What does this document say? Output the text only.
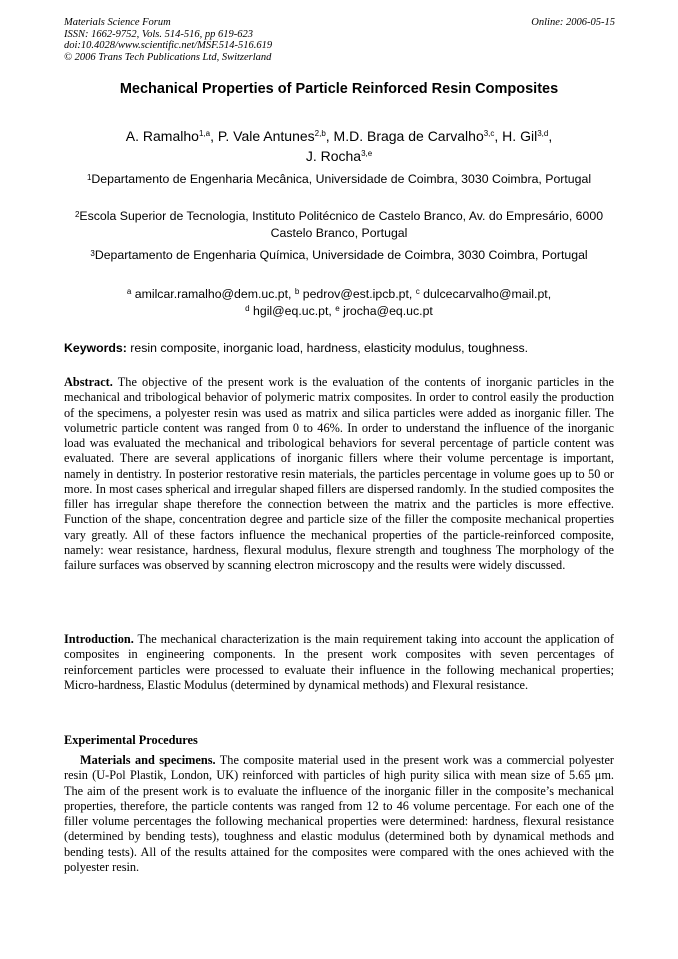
Materials Science Forum
ISSN: 1662-9752, Vols. 514-516, pp 619-623
doi:10.4028/www.scientific.net/MSF.514-516.619
© 2006 Trans Tech Publications Ltd, Switzerland
Online: 2006-05-15
Mechanical Properties of Particle Reinforced Resin Composites
A. Ramalho$^{1,a}$, P. Vale Antunes$^{2,b}$, M.D. Braga de Carvalho$^{3,c}$, H. Gil$^{3,d}$,
J. Rocha$^{3,e}$
$^1$Departamento de Engenharia Mecânica, Universidade de Coimbra, 3030 Coimbra, Portugal
$^2$Escola Superior de Tecnologia, Instituto Politécnico de Castelo Branco, Av. do Empresário, 6000 Castelo Branco, Portugal
$^3$Departamento de Engenharia Química, Universidade de Coimbra, 3030 Coimbra, Portugal
$^a$ amilcar.ramalho@dem.uc.pt, $^b$ pedrov@est.ipcb.pt, $^c$ dulcecarvalho@mail.pt,
$^d$ hgil@eq.uc.pt, $^e$ jrocha@eq.uc.pt
Keywords: resin composite, inorganic load, hardness, elasticity modulus, toughness.
Abstract. The objective of the present work is the evaluation of the contents of inorganic particles in the mechanical and tribological behavior of polymeric matrix composites. In order to control easily the production of the specimens, a polyester resin was used as matrix and silica particles were added as inorganic filler. The volumetric particle content was ranged from 0 to 46%. In order to understand the influence of the inorganic load was evaluated the mechanical and tribological behaviors for several percentage of particle content was evaluated. There are several applications of inorganic fillers where their volume percentage is important, namely in dentistry. In posterior restorative resin materials, the particles percentage in volume goes up to 50 or more. In most cases spherical and irregular shaped fillers are dispersed randomly. In the studied composites the filler has irregular shape therefore the connection between the matrix and the particles is more effective. Function of the shape, concentration degree and particle size of the filler the composite mechanical properties vary greatly. All of these factors influence the mechanical properties of the particle-reinforced composite, namely: wear resistance, hardness, flexural modulus, flexure strength and toughness The morphology of the failure surfaces was observed by scanning electron microscopy and the results were widely discussed.
Introduction. The mechanical characterization is the main requirement taking into account the application of composites in engineering components. In the present work composites with seven percentages of reinforcement particles were processed to evaluate their influence in the following mechanical properties; Micro-hardness, Elastic Modulus (determined by dynamical methods) and Flexural resistance.
Experimental Procedures
Materials and specimens. The composite material used in the present work was a commercial polyester resin (U-Pol Plastik, London, UK) reinforced with particles of high purity silica with mean size of 5.65 μm. The aim of the present work is to evaluate the influence of the inorganic filler in the composite’s mechanical properties, therefore, the particle contents was ranged from 12 to 46 volume percentage. For each one of the filler volume percentages the following mechanical properties were determined: hardness, flexural resistance (determined by bending tests), toughness and elastic modulus (determined both by dynamical methods and bending tests). All of the results attained for the composites were compared with the ones achieved with the polyester resin.
